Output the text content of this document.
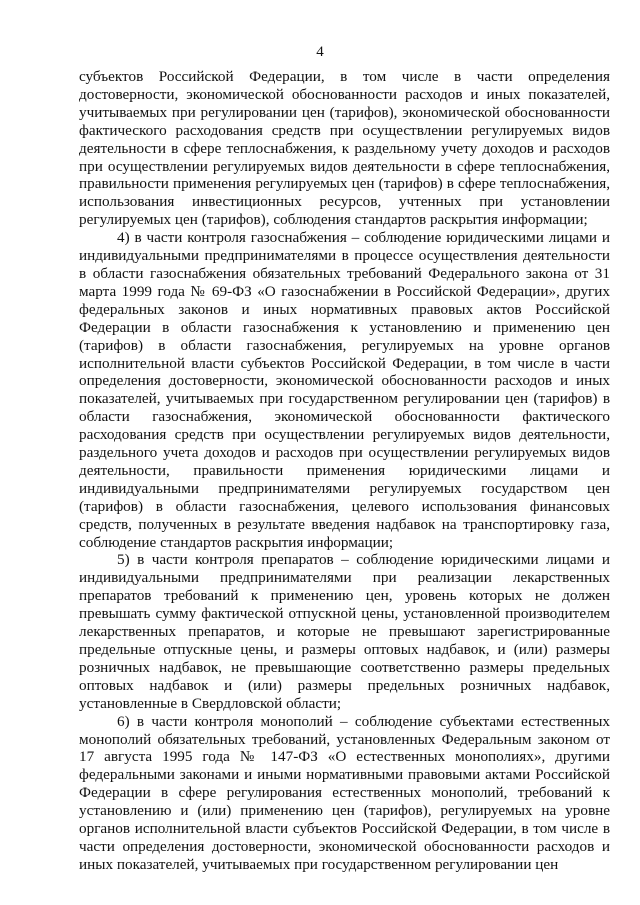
4

субъектов Российской Федерации, в том числе в части определения достоверности, экономической обоснованности расходов и иных показателей, учитываемых при регулировании цен (тарифов), экономической обоснованности фактического расходования средств при осуществлении регулируемых видов деятельности в сфере теплоснабжения, к раздельному учету доходов и расходов при осуществлении регулируемых видов деятельности в сфере теплоснабжения, правильности применения регулируемых цен (тарифов) в сфере теплоснабжения, использования инвестиционных ресурсов, учтенных при установлении регулируемых цен (тарифов), соблюдения стандартов раскрытия информации;

4) в части контроля газоснабжения – соблюдение юридическими лицами и индивидуальными предпринимателями в процессе осуществления деятельности в области газоснабжения обязательных требований Федерального закона от 31 марта 1999 года № 69-ФЗ «О газоснабжении в Российской Федерации», других федеральных законов и иных нормативных правовых актов Российской Федерации в области газоснабжения к установлению и применению цен (тарифов) в области газоснабжения, регулируемых на уровне органов исполнительной власти субъектов Российской Федерации, в том числе в части определения достоверности, экономической обоснованности расходов и иных показателей, учитываемых при государственном регулировании цен (тарифов) в области газоснабжения, экономической обоснованности фактического расходования средств при осуществлении регулируемых видов деятельности, раздельного учета доходов и расходов при осуществлении регулируемых видов деятельности, правильности применения юридическими лицами и индивидуальными предпринимателями регулируемых государством цен (тарифов) в области газоснабжения, целевого использования финансовых средств, полученных в результате введения надбавок на транспортировку газа, соблюдение стандартов раскрытия информации;

5) в части контроля препаратов – соблюдение юридическими лицами и индивидуальными предпринимателями при реализации лекарственных препаратов требований к применению цен, уровень которых не должен превышать сумму фактической отпускной цены, установленной производителем лекарственных препаратов, и которые не превышают зарегистрированные предельные отпускные цены, и размеры оптовых надбавок, и (или) размеры розничных надбавок, не превышающие соответственно размеры предельных оптовых надбавок и (или) размеры предельных розничных надбавок, установленные в Свердловской области;

6) в части контроля монополий – соблюдение субъектами естественных монополий обязательных требований, установленных Федеральным законом от 17 августа 1995 года № 147-ФЗ «О естественных монополиях», другими федеральными законами и иными нормативными правовыми актами Российской Федерации в сфере регулирования естественных монополий, требований к установлению и (или) применению цен (тарифов), регулируемых на уровне органов исполнительной власти субъектов Российской Федерации, в том числе в части определения достоверности, экономической обоснованности расходов и иных показателей, учитываемых при государственном регулировании цен
